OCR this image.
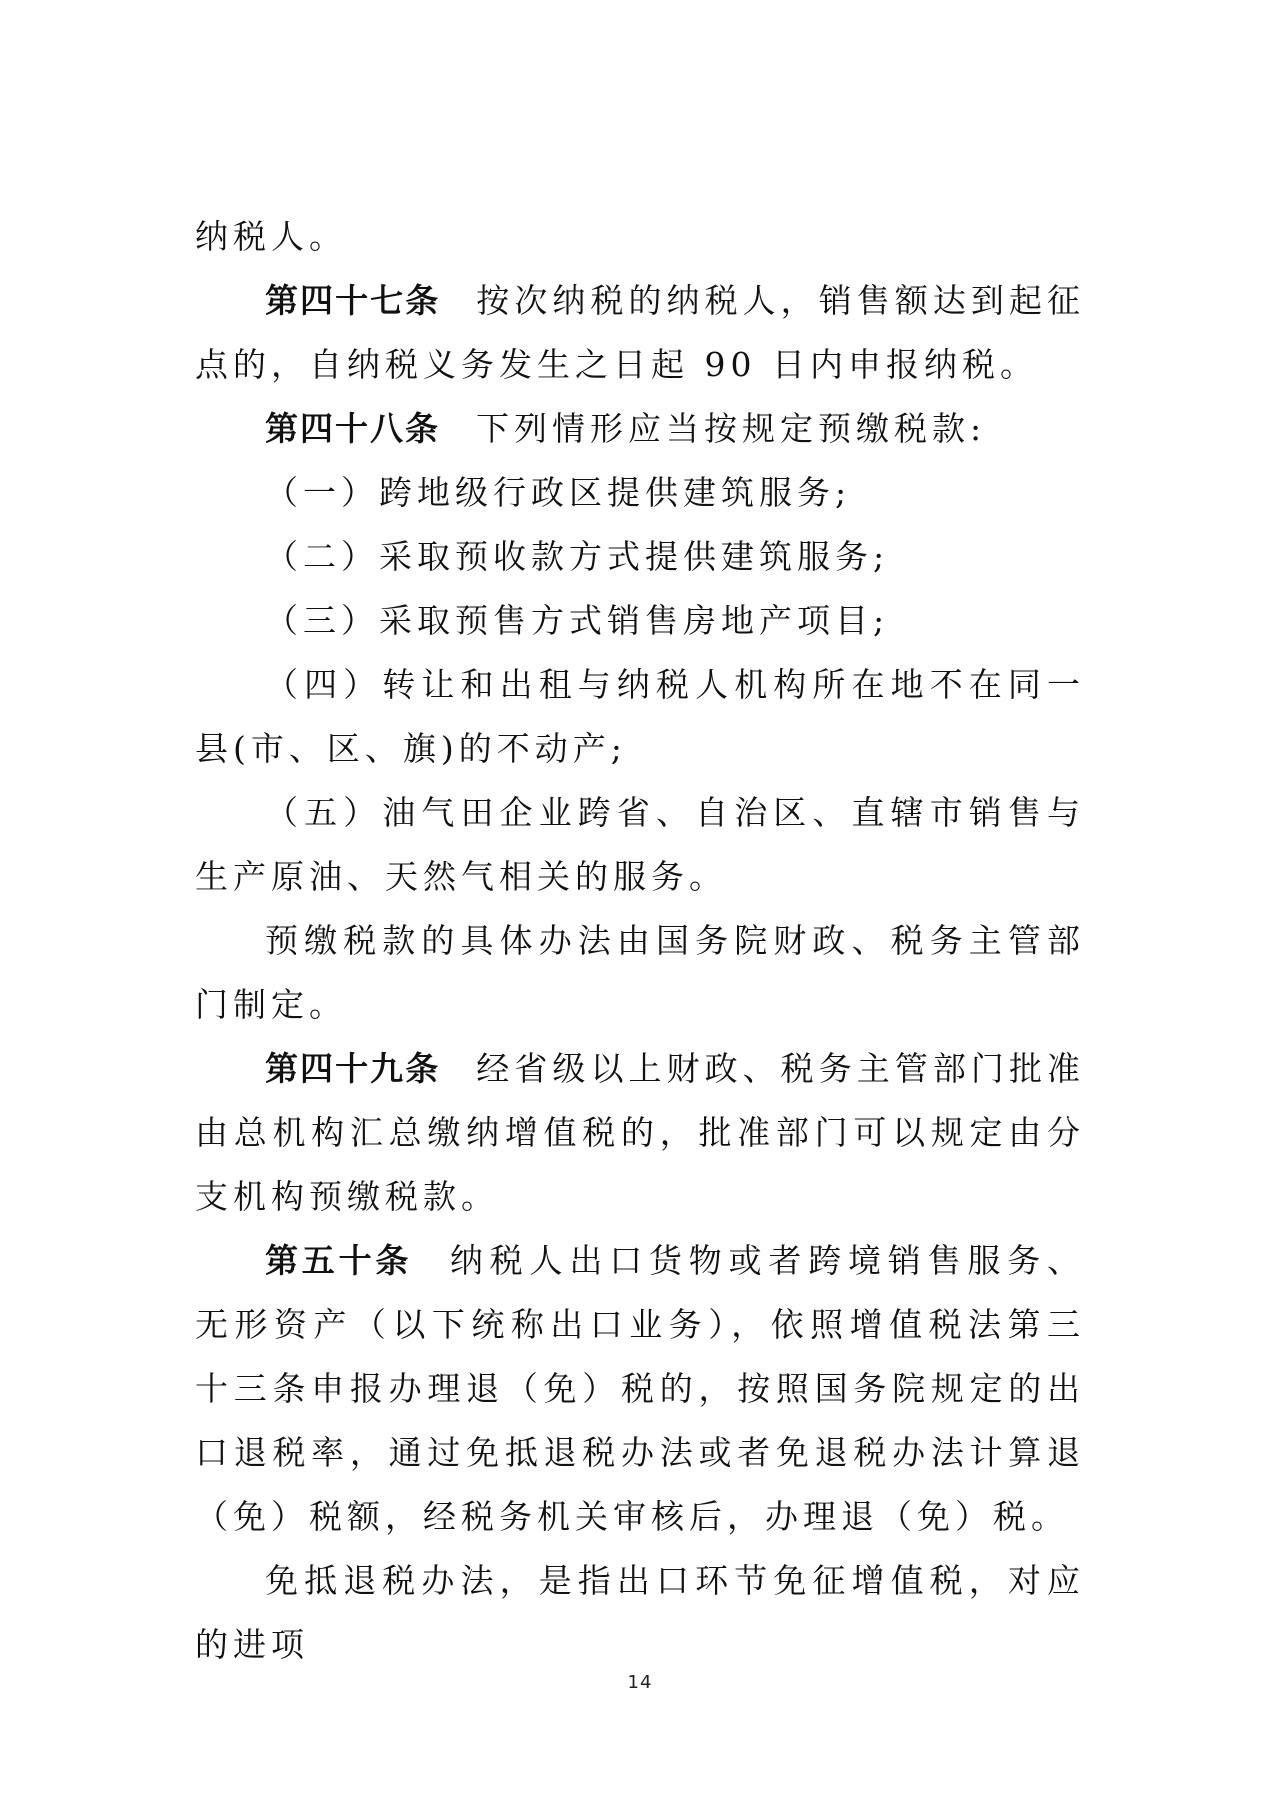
纳税人。

第四十七条 按次纳税的纳税人，销售额达到起征点的，自纳税义务发生之日起 90 日内申报纳税。

第四十八条 下列情形应当按规定预缴税款:

（一）跨地级行政区提供建筑服务;

（二）采取预收款方式提供建筑服务;

（三）采取预售方式销售房地产项目;

（四）转让和出租与纳税人机构所在地不在同一县(市、区、旗)的不动产;

（五）油气田企业跨省、自治区、直辖市销售与生产原油、天然气相关的服务。

预缴税款的具体办法由国务院财政、税务主管部门制定。

第四十九条 经省级以上财政、税务主管部门批准由总机构汇总缴纳增值税的，批准部门可以规定由分支机构预缴税款。

第五十条 纳税人出口货物或者跨境销售服务、无形资产（以下统称出口业务），依照增值税法第三十三条申报办理退（免）税的，按照国务院规定的出口退税率，通过免抵退税办法或者免退税办法计算退（免）税额，经税务机关审核后，办理退（免）税。

免抵退税办法，是指出口环节免征增值税，对应的进项

14
